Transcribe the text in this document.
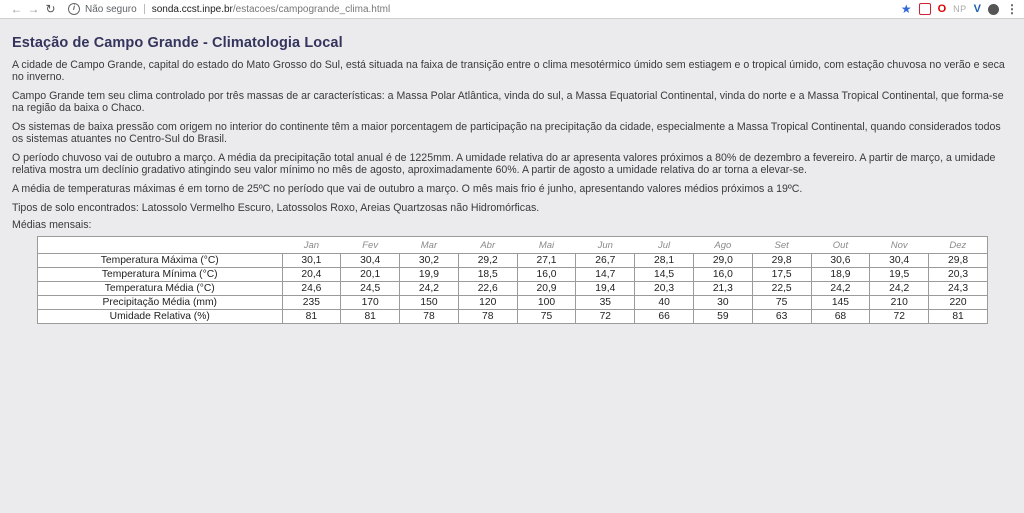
← → ↻	i	Não seguro sonda.ccst.inpe.br /estacoes/campogrande_clima.html	★ O NP V ⋮
Estação de Campo Grande - Climatologia Local

A cidade de Campo Grande, capital do estado do Mato Grosso do Sul, está situada na faixa de transição entre o clima mesotérmico úmido sem estiagem e o tropical úmido, com estação chuvosa no verão e seca no inverno.

Campo Grande tem seu clima controlado por três massas de ar características: a Massa Polar Atlântica, vinda do sul, a Massa Equatorial Continental, vinda do norte e a Massa Tropical Continental, que forma-se na região da baixa o Chaco.

Os sistemas de baixa pressão com origem no interior do continente têm a maior porcentagem de participação na precipitação da cidade, especialmente a Massa Tropical Continental, quando considerados todos os sistemas atuantes no Centro-Sul do Brasil.

O período chuvoso vai de outubro a março. A média da precipitação total anual é de 1225mm. A umidade relativa do ar apresenta valores próximos a 80% de dezembro a fevereiro. A partir de março, a umidade relativa mostra um declínio gradativo atingindo seu valor mínimo no mês de agosto, aproximadamente 60%. A partir de agosto a umidade relativa do ar torna a elevar-se.

A média de temperaturas máximas é em torno de 25ºC no período que vai de outubro a março. O mês mais frio é junho, apresentando valores médios próximos a 19ºC.

Tipos de solo encontrados: Latossolo Vermelho Escuro, Latossolos Roxo, Areias Quartzosas não Hidromórficas.

Médias mensais:

	Jan	Fev	Mar	Abr	Mai	Jun	Jul	Ago	Set	Out	Nov	Dez
Temperatura Máxima (°C)	30,1	30,4	30,2	29,2	27,1	26,7	28,1	29,0	29,8	30,6	30,4	29,8
Temperatura Mínima (°C)	20,4	20,1	19,9	18,5	16,0	14,7	14,5	16,0	17,5	18,9	19,5	20,3
Temperatura Média (°C)	24,6	24,5	24,2	22,6	20,9	19,4	20,3	21,3	22,5	24,2	24,2	24,3
Precipitação Média (mm)	235	170	150	120	100	35	40	30	75	145	210	220
Umidade Relativa (%)	81	81	78	78	75	72	66	59	63	68	72	81
